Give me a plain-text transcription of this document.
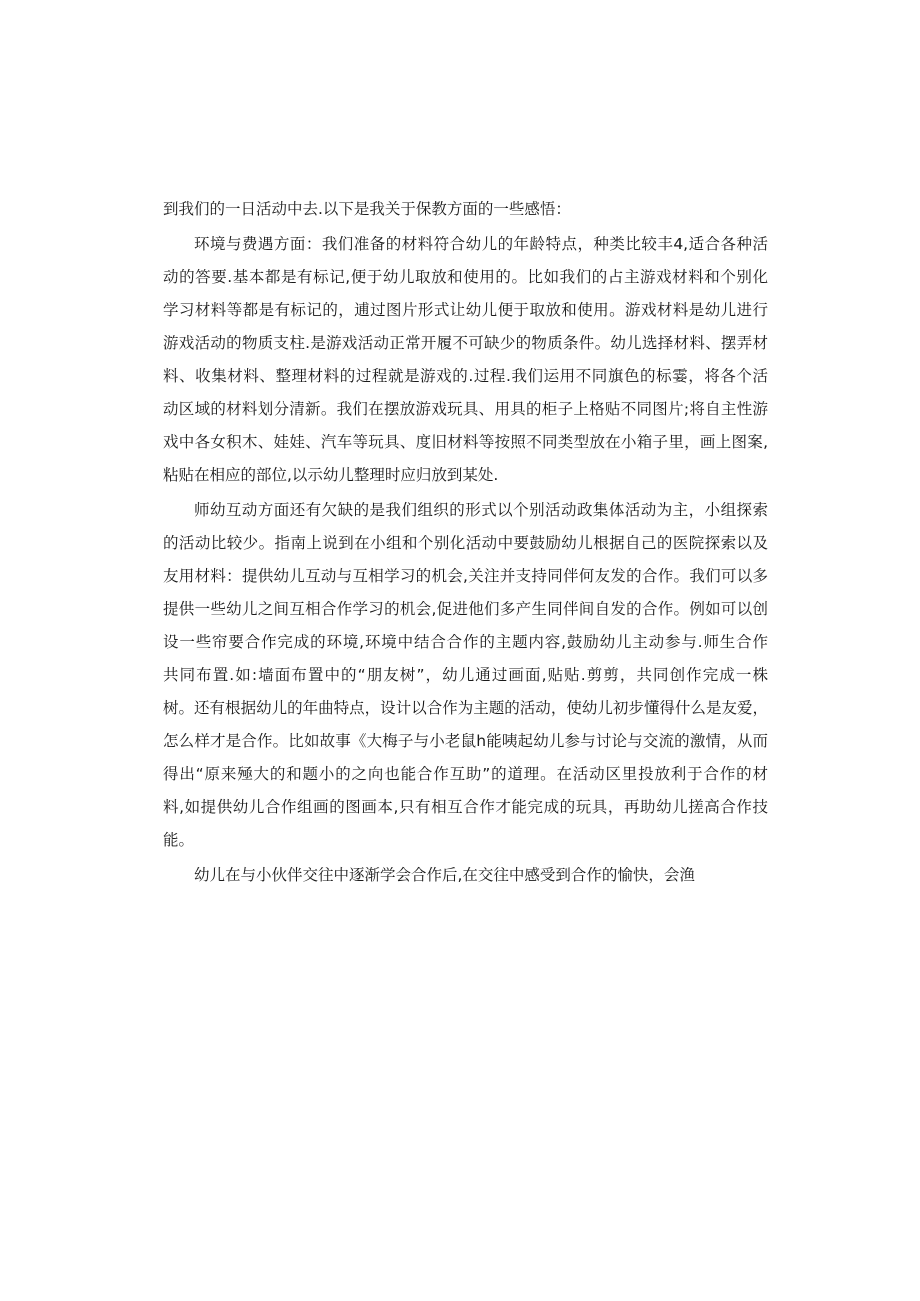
到我们的一日活动中去.以下是我关于保教方面的一些感悟：

环境与费遇方面：我们准备的材料符合幼儿的年龄特点，种类比较丰4,适合各种活

动的答要.基本都是有标记,便于幼儿取放和使用的。比如我们的占主游戏材料和个别化

学习材料等都是有标记的，逋过图片形式让幼儿便于取放和使用。游戏材料是幼儿进行

游戏活动的物质支柱.是游戏活动正常开履不可缺少的物质条件。幼儿选择材料、摆弄材

料、收集材料、整理材料的过程就是游戏的.过程.我们运用不同旗色的标霎，将各个活

动区域的材料划分清新。我们在摆放游戏玩具、用具的柜子上格贴不同图片;将自主性游

戏中各女积木、娃娃、汽车等玩具、度旧材料等按照不同类型放在小箱子里，画上图案,

粘贴在相应的部位,以示幼儿整理时应归放到某处.

师幼互动方面还有欠缺的是我们组织的形式以个别活动政集体活动为主，小组探索

的活动比较少。指南上说到在小组和个别化活动中要鼓励幼儿根据自己的医院探索以及

友用材料：提供幼儿互动与互相学习的机会,关注并支持同伴何友发的合作。我们可以多

提供一些幼儿之间互相合作学习的机会,促进他们多产生同伴间自发的合作。例如可以创

设一些帘要合作完成的环境,环境中结合合作的主题内容,鼓励幼儿主动参与.师生合作

共同布置.如:墙面布置中的“朋友树”，幼儿通过画面,贴贴.剪剪，共同创作完成一株

树。还有根据幼儿的年曲特点，设计以合作为主题的活动，使幼儿初步懂得什么是友爱，

怎么样才是合作。比如故事《大梅子与小老鼠h能咦起幼儿参与讨论与交流的激情，从而

得出“原来殛大的和题小的之向也能合作互助”的道理。在活动区里投放利于合作的材

料,如提供幼儿合作组画的图画本,只有相互合作才能完成的玩具，再助幼儿搓高合作技

能。

幼儿在与小伙伴交往中逐渐学会合作后,在交往中感受到合作的愉快，会渔
